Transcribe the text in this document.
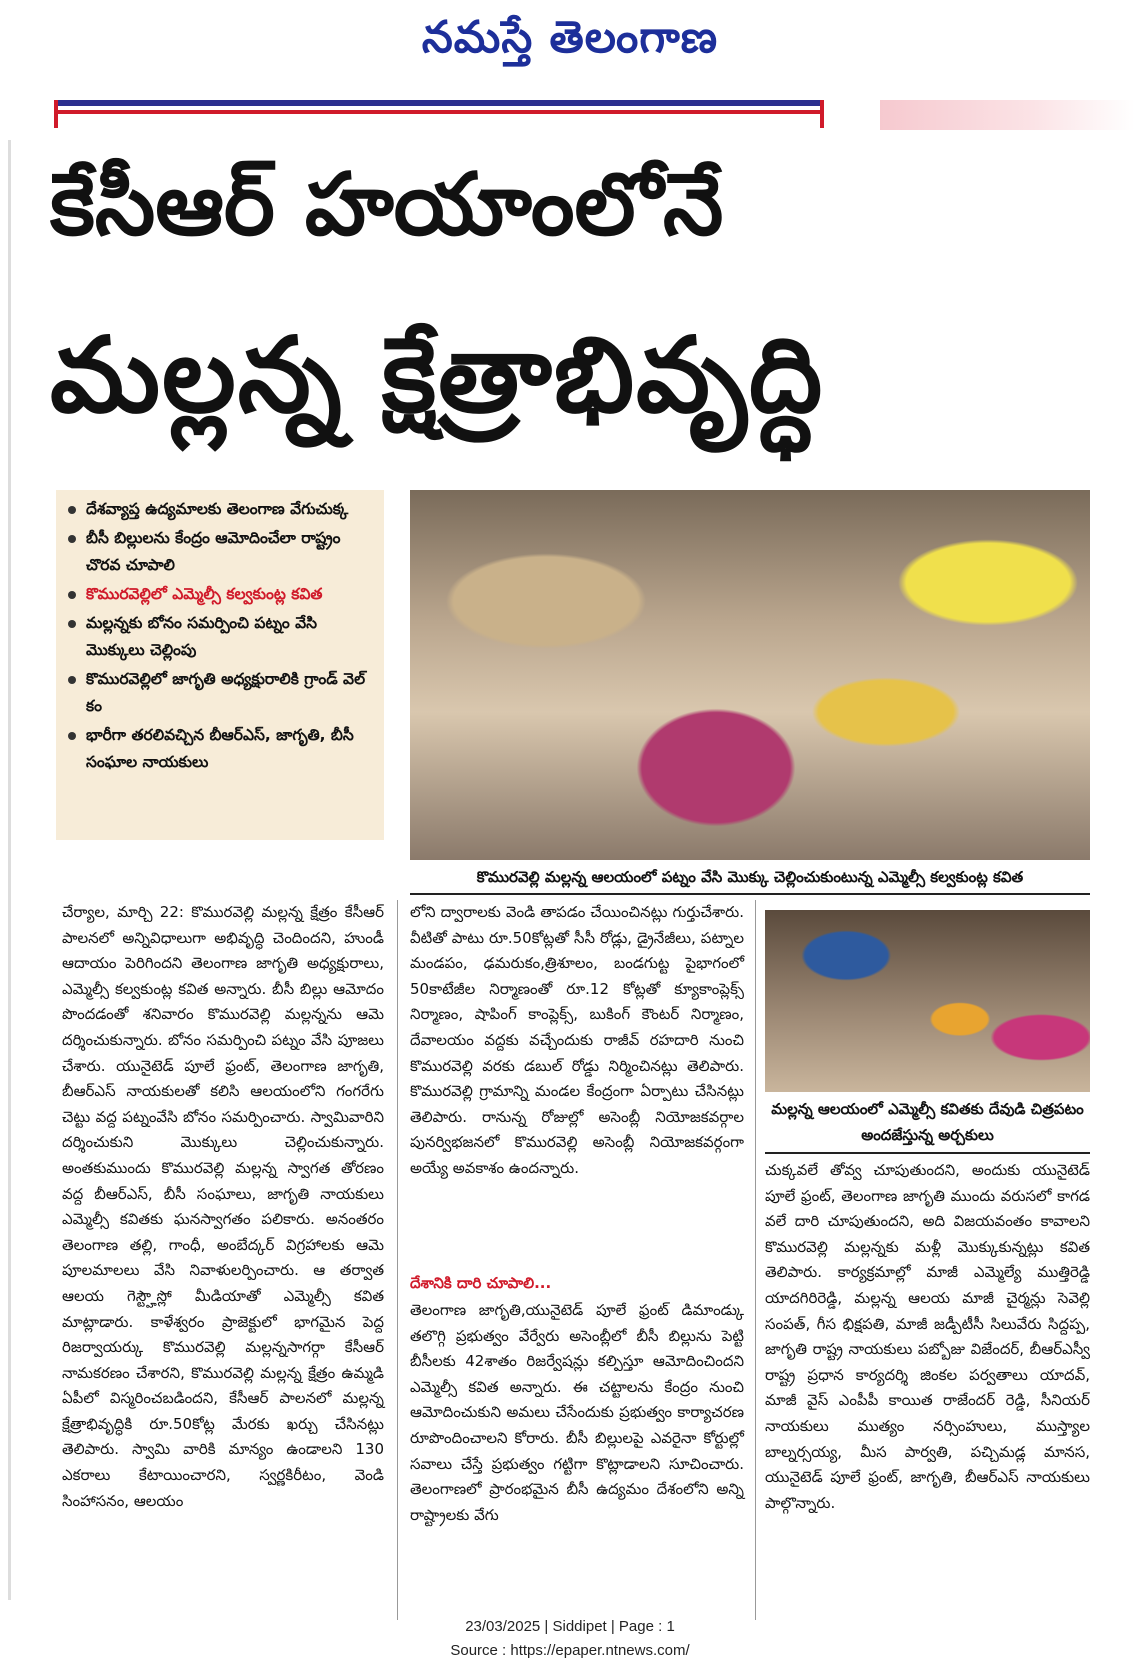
నమస్తే తెలంగాణ
కేసీఆర్ హయాంలోనే
మల్లన్న క్షేత్రాభివృద్ధి
దేశవ్యాప్త ఉద్యమాలకు తెలంగాణ వేగుచుక్క
బీసీ బిల్లులను కేంద్రం ఆమోదించేలా రాష్ట్రం చొరవ చూపాలి
కొమురవెల్లిలో ఎమ్మెల్సీ కల్వకుంట్ల కవిత
మల్లన్నకు బోనం సమర్పించి పట్నం వేసి మొక్కులు చెల్లింపు
కొమురవెల్లిలో జాగృతి అధ్యక్షురాలికి గ్రాండ్ వెల్ కం
భారీగా తరలివచ్చిన బీఆర్ఎస్, జాగృతి, బీసీ సంఘాల నాయకులు
కొమురవెల్లి మల్లన్న ఆలయంలో పట్నం వేసి మొక్కు చెల్లించుకుంటున్న ఎమ్మెల్సీ కల్వకుంట్ల కవిత
మల్లన్న ఆలయంలో ఎమ్మెల్సీ కవితకు దేవుడి చిత్రపటం అందజేస్తున్న అర్చకులు
చేర్యాల, మార్చి 22: కొమురవెల్లి మల్లన్న క్షేత్రం కేసీఆర్ పాలనలో అన్నివిధాలుగా అభివృద్ధి చెందిందని, హుండీ ఆదాయం పెరిగిందని తెలంగాణ జాగృతి అధ్యక్షురాలు, ఎమ్మెల్సీ కల్వకుంట్ల కవిత అన్నారు. బీసీ బిల్లు ఆమోదం పొందడంతో శనివారం కొమురవెల్లి మల్లన్నను ఆమె దర్శించుకున్నారు. బోనం సమర్పించి పట్నం వేసి పూజలు చేశారు. యునైటెడ్ పూలే ఫ్రంట్, తెలంగాణ జాగృతి, బీఆర్ఎస్ నాయకులతో కలిసి ఆలయంలోని గంగరేగు చెట్టు వద్ద పట్నంవేసి బోనం సమర్పించారు. స్వామివారిని దర్శించుకుని మొక్కులు చెల్లించుకున్నారు. అంతకుముందు కొమురవెల్లి మల్లన్న స్వాగత తోరణం వద్ద బీఆర్ఎస్, బీసీ సంఘాలు, జాగృతి నాయకులు ఎమ్మెల్సీ కవితకు ఘనస్వాగతం పలికారు. అనంతరం తెలంగాణ తల్లి, గాంధీ, అంబేద్కర్ విగ్రహాలకు ఆమె పూలమాలలు వేసి నివాళులర్పించారు. ఆ తర్వాత ఆలయ గెస్ట్హౌస్లో మీడియాతో ఎమ్మెల్సీ కవిత మాట్లాడారు. కాళేశ్వరం ప్రాజెక్టులో భాగమైన పెద్ద రిజర్వాయర్కు కొమురవెల్లి మల్లన్నసాగర్గా కేసీఆర్ నామకరణం చేశారని, కొమురవెల్లి మల్లన్న క్షేత్రం ఉమ్మడి ఏపీలో విస్మరించబడిందని, కేసీఆర్ పాలనలో మల్లన్న క్షేత్రాభివృద్ధికి రూ.50కోట్ల మేరకు ఖర్చు చేసినట్లు తెలిపారు. స్వామి వారికి మాన్యం ఉండాలని 130 ఎకరాలు కేటాయించారని, స్వర్ణకిరీటం, వెండి సింహాసనం, ఆలయం
లోని ద్వారాలకు వెండి తాపడం చేయించినట్లు గుర్తుచేశారు. వీటితో పాటు రూ.50కోట్లతో సీసీ రోడ్లు, డ్రైనేజీలు, పట్నాల మండపం, ఢమరుకం,త్రిశూలం, బండగుట్ట పైభాగంలో 50కాటేజీల నిర్మాణంతో రూ.12 కోట్లతో క్యూకాంప్లెక్స్ నిర్మాణం, షాపింగ్ కాంప్లెక్స్, బుకింగ్ కౌంటర్ నిర్మాణం, దేవాలయం వద్దకు వచ్చేందుకు రాజీవ్ రహదారి నుంచి కొమురవెల్లి వరకు డబుల్ రోడ్డు నిర్మించినట్లు తెలిపారు. కొమురవెల్లి గ్రామాన్ని మండల కేంద్రంగా ఏర్పాటు చేసినట్లు తెలిపారు. రానున్న రోజుల్లో అసెంబ్లీ నియోజకవర్గాల పునర్విభజనలో కొమురవెల్లి అసెంబ్లీ నియోజకవర్గంగా అయ్యే అవకాశం ఉందన్నారు.
దేశానికి దారి చూపాలి...
తెలంగాణ జాగృతి,యునైటెడ్ పూలే ఫ్రంట్ డిమాండ్కు తలొగ్గి ప్రభుత్వం వేర్వేరు అసెంబ్లీలో బీసీ బిల్లును పెట్టి బీసీలకు 42శాతం రిజర్వేషన్లు కల్పిస్తూ ఆమోదించిందని ఎమ్మెల్సీ కవిత అన్నారు. ఈ చట్టాలను కేంద్రం నుంచి ఆమోదించుకుని అమలు చేసేందుకు ప్రభుత్వం కార్యాచరణ రూపొందించాలని కోరారు. బీసీ బిల్లులపై ఎవరైనా కోర్టుల్లో సవాలు చేస్తే ప్రభుత్వం గట్టిగా కొట్లాడాలని సూచించారు. తెలంగాణలో ప్రారంభమైన బీసీ ఉద్యమం దేశంలోని అన్ని రాష్ట్రాలకు వేగు
చుక్కవలే తోవ్వ చూపుతుందని, అందుకు యునైటెడ్ పూలే ఫ్రంట్, తెలంగాణ జాగృతి ముందు వరుసలో కాగడ వలే దారి చూపుతుందని, అది విజయవంతం కావాలని కొమురవెల్లి మల్లన్నకు మళ్లీ మొక్కుకున్నట్లు కవిత తెలిపారు. కార్యక్రమాల్లో మాజీ ఎమ్మెల్యే ముత్తిరెడ్డి యాదగిరిరెడ్డి, మల్లన్న ఆలయ మాజీ చైర్మన్లు సెవెల్లి సంపత్, గీస భిక్షపతి, మాజీ జడ్పీటీసీ సిలువేరు సిద్దప్ప, జాగృతి రాష్ట్ర నాయకులు పబ్బోజు విజేందర్, బీఆర్ఎస్వీ రాష్ట్ర ప్రధాన కార్యదర్శి జింకల పర్వతాలు యాదవ్, మాజీ వైస్ ఎంపీపీ కాయిత రాజేందర్ రెడ్డి, సీనియర్ నాయకులు ముత్యం నర్సింహులు, ముస్త్యాల బాల్నర్సయ్య, మీస పార్వతి, పచ్చిమడ్ల మానస, యునైటెడ్ పూలే ఫ్రంట్, జాగృతి, బీఆర్ఎస్ నాయకులు పాల్గొన్నారు.
23/03/2025 | Siddipet | Page : 1
Source : https://epaper.ntnews.com/
